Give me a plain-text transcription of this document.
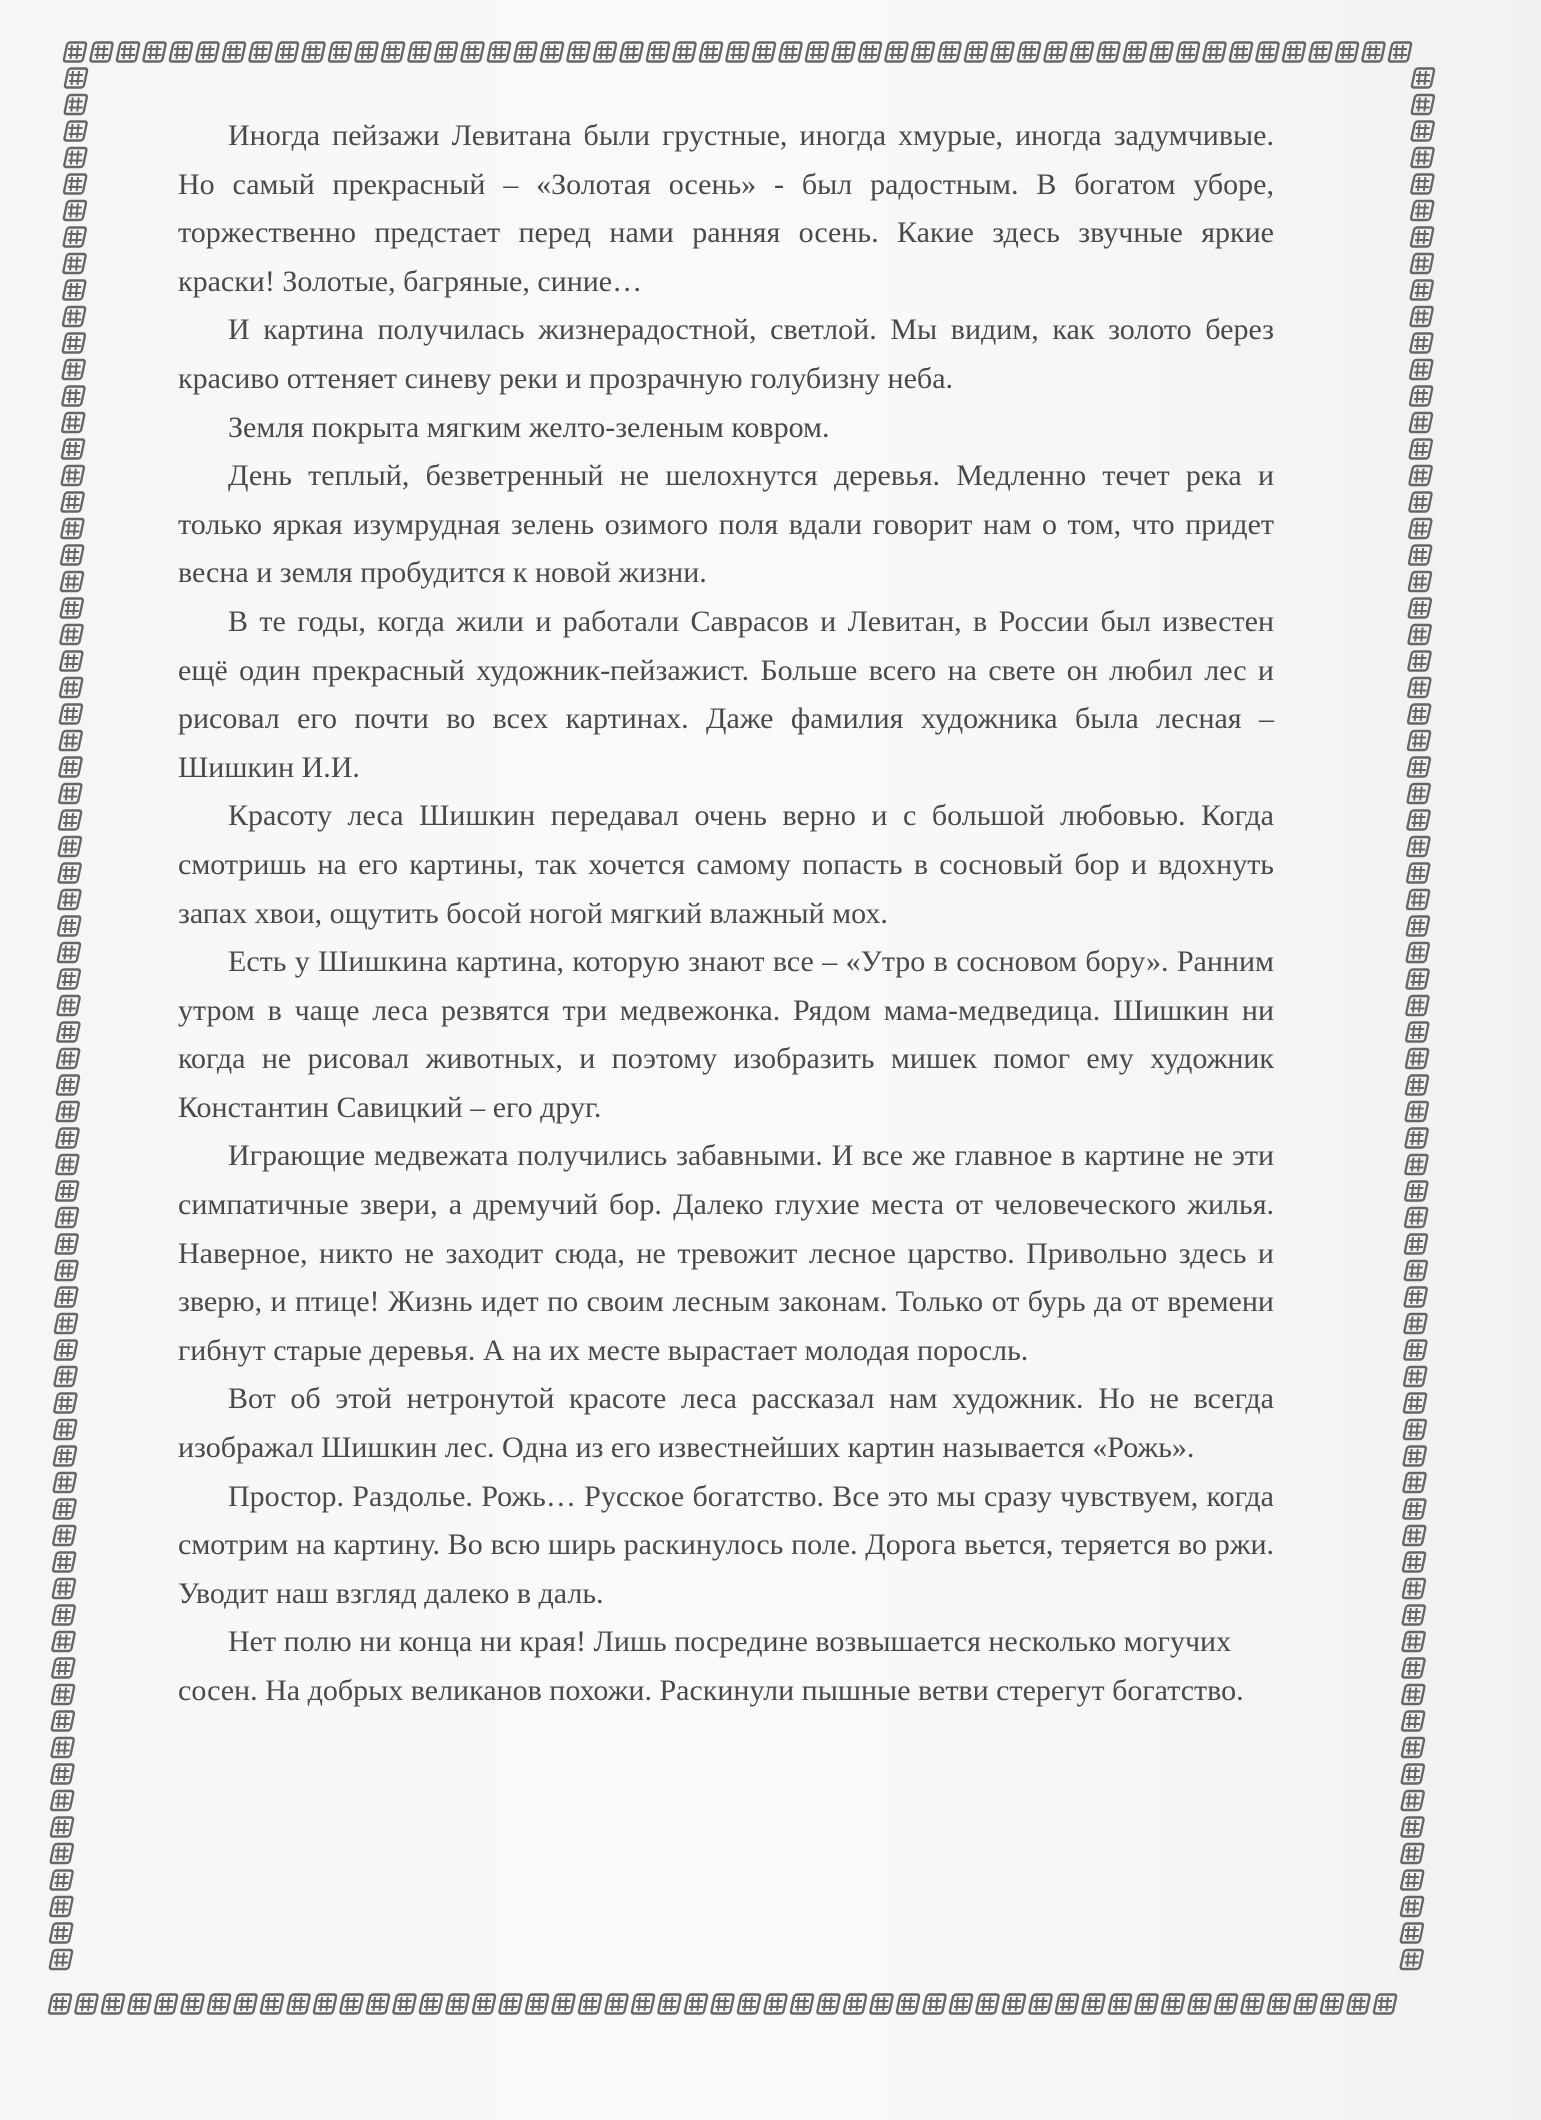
Иногда пейзажи Левитана были грустные, иногда хмурые, иногда задумчивые. Но самый прекрасный – «Золотая осень» - был радостным. В богатом уборе, торжественно предстает перед нами ранняя осень. Какие здесь звучные яркие краски! Золотые, багряные, синие…

И картина получилась жизнерадостной, светлой. Мы видим, как золото берез красиво оттеняет синеву реки и прозрачную голубизну неба.

Земля покрыта мягким желто-зеленым ковром.

День теплый, безветренный не шелохнутся деревья. Медленно течет река и только яркая изумрудная зелень озимого поля вдали говорит нам о том, что придет весна и земля пробудится к новой жизни.

В те годы, когда жили и работали Саврасов и Левитан, в России был известен ещё один прекрасный художник-пейзажист. Больше всего на свете он любил лес и рисовал его почти во всех картинах. Даже фамилия художника была лесная – Шишкин И.И.

Красоту леса Шишкин передавал очень верно и с большой любовью. Когда смотришь на его картины, так хочется самому попасть в сосновый бор и вдохнуть запах хвои, ощутить босой ногой мягкий влажный мох.

Есть у Шишкина картина, которую знают все – «Утро в сосновом бору». Ранним утром в чаще леса резвятся три медвежонка. Рядом мама-медведица. Шишкин ни когда не рисовал животных, и поэтому изобразить мишек помог ему художник Константин Савицкий – его друг.

Играющие медвежата получились забавными. И все же главное в картине не эти симпатичные звери, а дремучий бор. Далеко глухие места от человеческого жилья. Наверное, никто не заходит сюда, не тревожит лесное царство. Привольно здесь и зверю, и птице! Жизнь идет по своим лесным законам. Только от бурь да от времени гибнут старые деревья. А на их месте вырастает молодая поросль.

Вот об этой нетронутой красоте леса рассказал нам художник. Но не всегда изображал Шишкин лес. Одна из его известнейших картин называется «Рожь».

Простор. Раздолье. Рожь… Русское богатство. Все это мы сразу чувствуем, когда смотрим на картину. Во всю ширь раскинулось поле. Дорога вьется, теряется во ржи. Уводит наш взгляд далеко в даль.

Нет полю ни конца ни края! Лишь посредине возвышается несколько могучих сосен. На добрых великанов похожи. Раскинули пышные ветви стерегут богатство.
